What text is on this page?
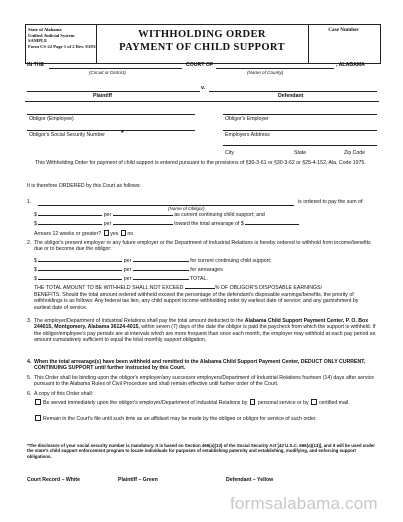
State of Alabama
Unified Judicial System
SAMPLE
Form CS-22 Page 1 of 2 Rev. 03/01
WITHHOLDING ORDER
PAYMENT OF CHILD SUPPORT
Case Number
IN THE	COURT OF	, ALABAMA
(Circuit or District)	(Name of County)
v.
Plaintiff	Defendant
Obligor (Employee)	Obligor's Employer
Obligor's Social Security Number *	Employers Address
City	State	Zip Code
This Withholding Order for payment of child support is entered pursuant to the provisions of §30-3-61 or §30-3-62 or §25-4-152, Ala. Code 1975.
It is therefore ORDERED by this Court as follows:
1.	is ordered to pay the sum of:
(Name of Obligor)
$	per	as current continuing child support; and
$	per	toward the total arrearage of $
Arrears 12 weeks or greater? yes no
2. The obligor's present employer or any future employer or the Department of Industrial Relations is hereby ordered to withhold from income/benefits due or to become due the obligor:
$	per	for current continuing child support;
$	per	for arrearages
$	per	TOTAL.
THE TOTAL AMOUNT TO BE WITHHELD SHALL NOT EXCEED	% OF OBLIGOR'S DISPOSABLE EARNINGS/
BENEFITS. Should the total amount ordered withheld exceed the percentage of the defendant's disposable earnings/benefits, the priority of withholdings is as follows: Any federal tax lien, any child support income withholding order by earliest date of service; and any garnishment by earliest date of service.
3. The employer/Department of Industrial Relations shall pay the total amount deducted to the Alabama Child Support Payment Center, P. O. Box 244015, Montgomery, Alabama 36124-4015, within seven (7) days of the date the obligor is paid the paycheck from which the support is withheld. If the obligor/employee's pay periods are at intervals which are more frequent than once each month, the employer may withhold at each pay period an amount cumulatively sufficient to equal the total monthly support obligation.
4. When the total arrearage(s) have been withheld and remitted to the Alabama Child Support Payment Center, DEDUCT ONLY CURRENT, CONTINUING SUPPORT until further instructed by this Court.
5. This Order shall be binding upon the obligor's employer/any successor employers/Department of Industrial Relations fourteen (14) days after service pursuant to the Alabama Rules of Civil Procedure and shall remain effective until further order of the Court.
6. A copy of this Order shall:
Be served immediately upon the obligor's employer/Department of Industrial Relations by personal service or by certified mail.
Remain in the Court's file until such time as an affidavit may be made by the obligee or obligor for service of such order.
*The disclosure of your social security number is mandatory. It is based on Section 466(a)(13) of the Social Security Act [42 U.S.C. 666(a)(13)], and it will be used under the state's child support enforcement program to locate individuals for purposes of establishing paternity and establishing, modifying, and enforcing support obligations.
Court Record – White	Plaintiff – Green	Defendant – Yellow
formsalabama.com
